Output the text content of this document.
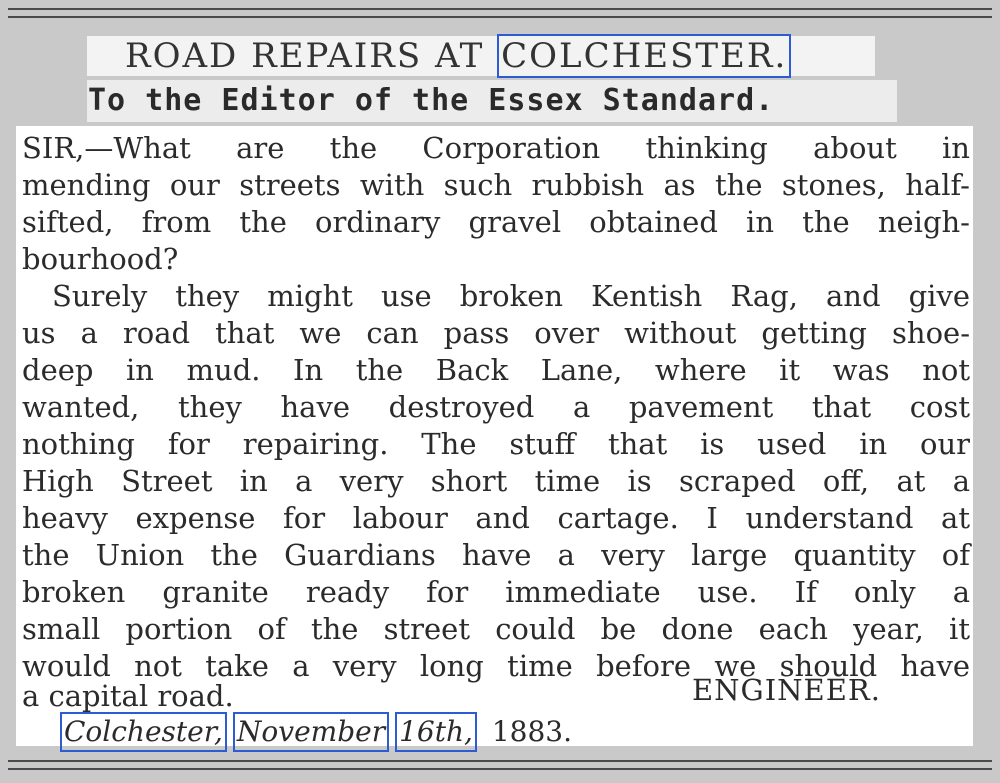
ROAD REPAIRS AT COLCHESTER.
To the Editor of the Essex Standard.
SIR,—What are the Corporation thinking about in
mending our streets with such rubbish as the stones, half-
sifted, from the ordinary gravel obtained in the neigh-
bourhood?
Surely they might use broken Kentish Rag, and give
us a road that we can pass over without getting shoe-
deep in mud. In the Back Lane, where it was not
wanted, they have destroyed a pavement that cost
nothing for repairing. The stuff that is used in our
High Street in a very short time is scraped off, at a
heavy expense for labour and cartage. I understand at
the Union the Guardians have a very large quantity of
broken granite ready for immediate use. If only a
small portion of the street could be done each year, it
would not take a very long time before we should have
a capital road.	ENGINEER.
Colchester, November 16th, 1883.
